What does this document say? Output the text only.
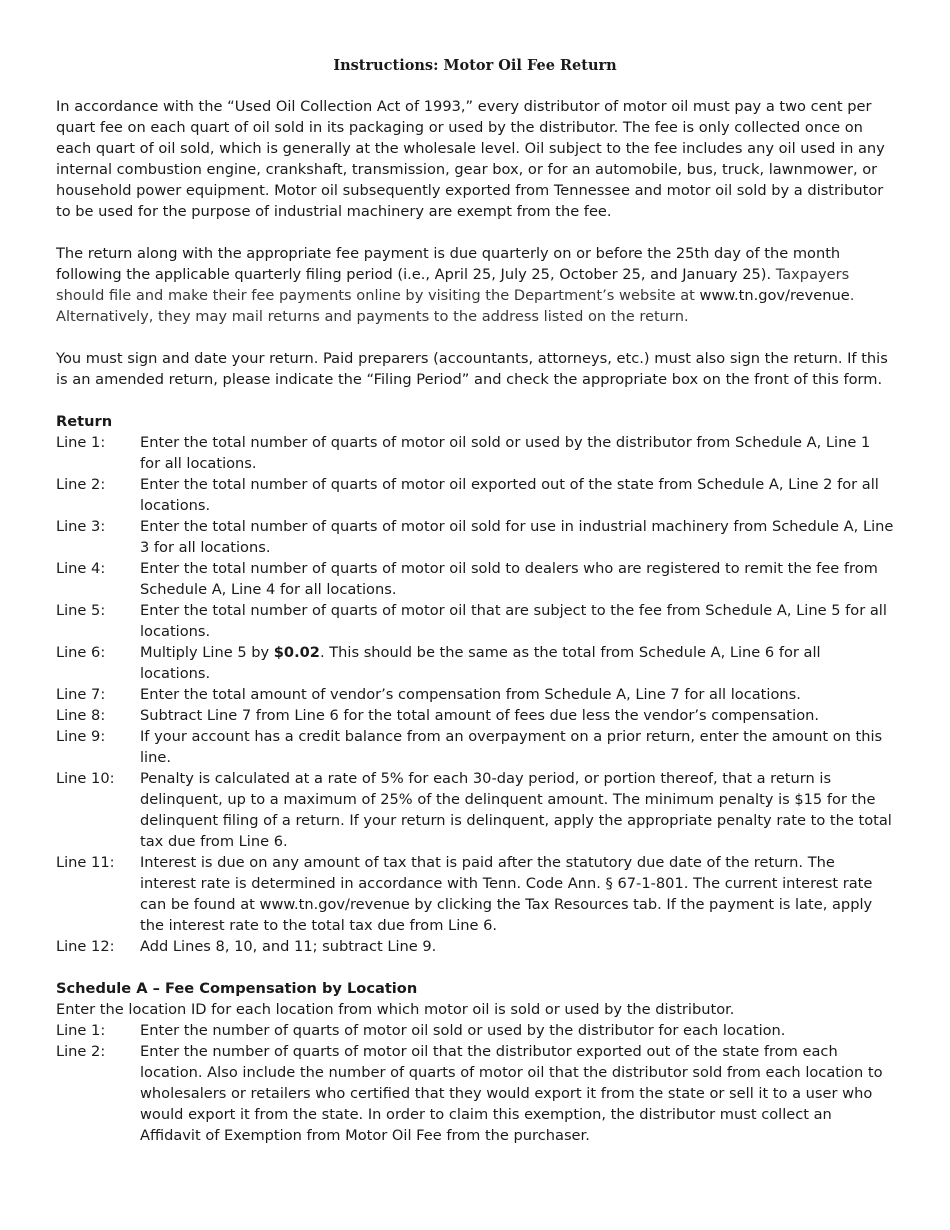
Instructions: Motor Oil Fee Return

In accordance with the “Used Oil Collection Act of 1993,” every distributor of motor oil must pay a two cent per quart fee on each quart of oil sold in its packaging or used by the distributor. The fee is only collected once on each quart of oil sold, which is generally at the wholesale level. Oil subject to the fee includes any oil used in any internal combustion engine, crankshaft, transmission, gear box, or for an automobile, bus, truck, lawnmower, or household power equipment. Motor oil subsequently exported from Tennessee and motor oil sold by a distributor to be used for the purpose of industrial machinery are exempt from the fee.

The return along with the appropriate fee payment is due quarterly on or before the 25th day of the month following the applicable quarterly filing period (i.e., April 25, July 25, October 25, and January 25). Taxpayers should file and make their fee payments online by visiting the Department’s website at www.tn.gov/revenue. Alternatively, they may mail returns and payments to the address listed on the return.

You must sign and date your return. Paid preparers (accountants, attorneys, etc.) must also sign the return. If this is an amended return, please indicate the “Filing Period” and check the appropriate box on the front of this form.

Return

Line 1:	Enter the total number of quarts of motor oil sold or used by the distributor from Schedule A, Line 1 for all locations.
Line 2:	Enter the total number of quarts of motor oil exported out of the state from Schedule A, Line 2 for all locations.
Line 3:	Enter the total number of quarts of motor oil sold for use in industrial machinery from Schedule A, Line 3 for all locations.
Line 4:	Enter the total number of quarts of motor oil sold to dealers who are registered to remit the fee from Schedule A, Line 4 for all locations.
Line 5:	Enter the total number of quarts of motor oil that are subject to the fee from Schedule A, Line 5 for all locations.
Line 6:	Multiply Line 5 by $0.02. This should be the same as the total from Schedule A, Line 6 for all locations.
Line 7:	Enter the total amount of vendor’s compensation from Schedule A, Line 7 for all locations.
Line 8:	Subtract Line 7 from Line 6 for the total amount of fees due less the vendor’s compensation.
Line 9:	If your account has a credit balance from an overpayment on a prior return, enter the amount on this line.
Line 10:	Penalty is calculated at a rate of 5% for each 30-day period, or portion thereof, that a return is delinquent, up to a maximum of 25% of the delinquent amount. The minimum penalty is $15 for the delinquent filing of a return. If your return is delinquent, apply the appropriate penalty rate to the total tax due from Line 6.
Line 11:	Interest is due on any amount of tax that is paid after the statutory due date of the return. The interest rate is determined in accordance with Tenn. Code Ann. § 67-1-801. The current interest rate can be found at www.tn.gov/revenue by clicking the Tax Resources tab. If the payment is late, apply the interest rate to the total tax due from Line 6.
Line 12:	Add Lines 8, 10, and 11; subtract Line 9.

Schedule A – Fee Compensation by Location

Enter the location ID for each location from which motor oil is sold or used by the distributor.

Line 1:	Enter the number of quarts of motor oil sold or used by the distributor for each location.
Line 2:	Enter the number of quarts of motor oil that the distributor exported out of the state from each location. Also include the number of quarts of motor oil that the distributor sold from each location to wholesalers or retailers who certified that they would export it from the state or sell it to a user who would export it from the state. In order to claim this exemption, the distributor must collect an Affidavit of Exemption from Motor Oil Fee from the purchaser.
